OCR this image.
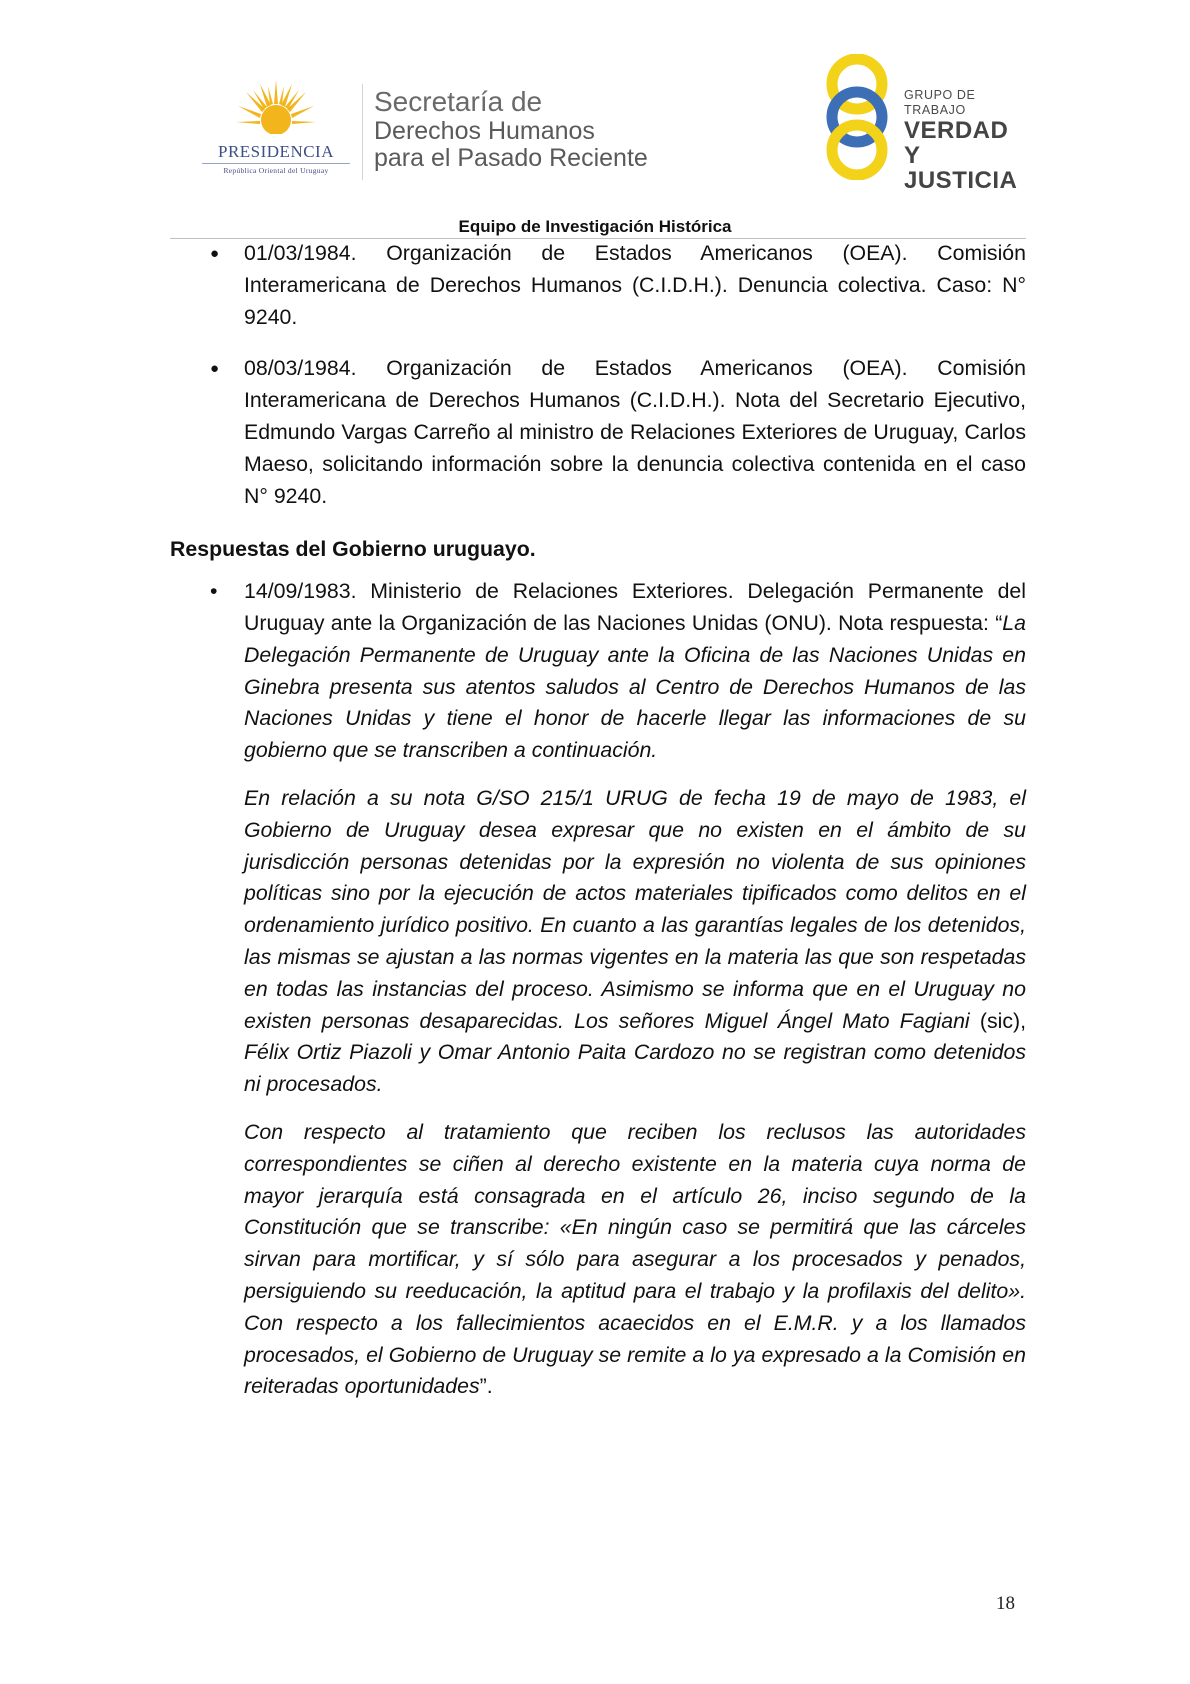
PRESIDENCIA
República Oriental del Uruguay
Secretaría de
Derechos Humanos
para el Pasado Reciente
GRUPO DE TRABAJO
VERDAD Y
JUSTICIA
Equipo de Investigación Histórica
● 01/03/1984. Organización de Estados Americanos (OEA). Comisión Interamericana de Derechos Humanos (C.I.D.H.). Denuncia colectiva. Caso: N° 9240.
● 08/03/1984. Organización de Estados Americanos (OEA). Comisión Interamericana de Derechos Humanos (C.I.D.H.). Nota del Secretario Ejecutivo, Edmundo Vargas Carreño al ministro de Relaciones Exteriores de Uruguay, Carlos Maeso, solicitando información sobre la denuncia colectiva contenida en el caso N° 9240.
Respuestas del Gobierno uruguayo.
• 14/09/1983. Ministerio de Relaciones Exteriores. Delegación Permanente del Uruguay ante la Organización de las Naciones Unidas (ONU). Nota respuesta: “La Delegación Permanente de Uruguay ante la Oficina de las Naciones Unidas en Ginebra presenta sus atentos saludos al Centro de Derechos Humanos de las Naciones Unidas y tiene el honor de hacerle llegar las informaciones de su gobierno que se transcriben a continuación.
En relación a su nota G/SO 215/1 URUG de fecha 19 de mayo de 1983, el Gobierno de Uruguay desea expresar que no existen en el ámbito de su jurisdicción personas detenidas por la expresión no violenta de sus opiniones políticas sino por la ejecución de actos materiales tipificados como delitos en el ordenamiento jurídico positivo. En cuanto a las garantías legales de los detenidos, las mismas se ajustan a las normas vigentes en la materia las que son respetadas en todas las instancias del proceso. Asimismo se informa que en el Uruguay no existen personas desaparecidas. Los señores Miguel Ángel Mato Fagiani (sic), Félix Ortiz Piazoli y Omar Antonio Paita Cardozo no se registran como detenidos ni procesados.
Con respecto al tratamiento que reciben los reclusos las autoridades correspondientes se ciñen al derecho existente en la materia cuya norma de mayor jerarquía está consagrada en el artículo 26, inciso segundo de la Constitución que se transcribe: «En ningún caso se permitirá que las cárceles sirvan para mortificar, y sí sólo para asegurar a los procesados y penados, persiguiendo su reeducación, la aptitud para el trabajo y la profilaxis del delito». Con respecto a los fallecimientos acaecidos en el E.M.R. y a los llamados procesados, el Gobierno de Uruguay se remite a lo ya expresado a la Comisión en reiteradas oportunidades”.
18
